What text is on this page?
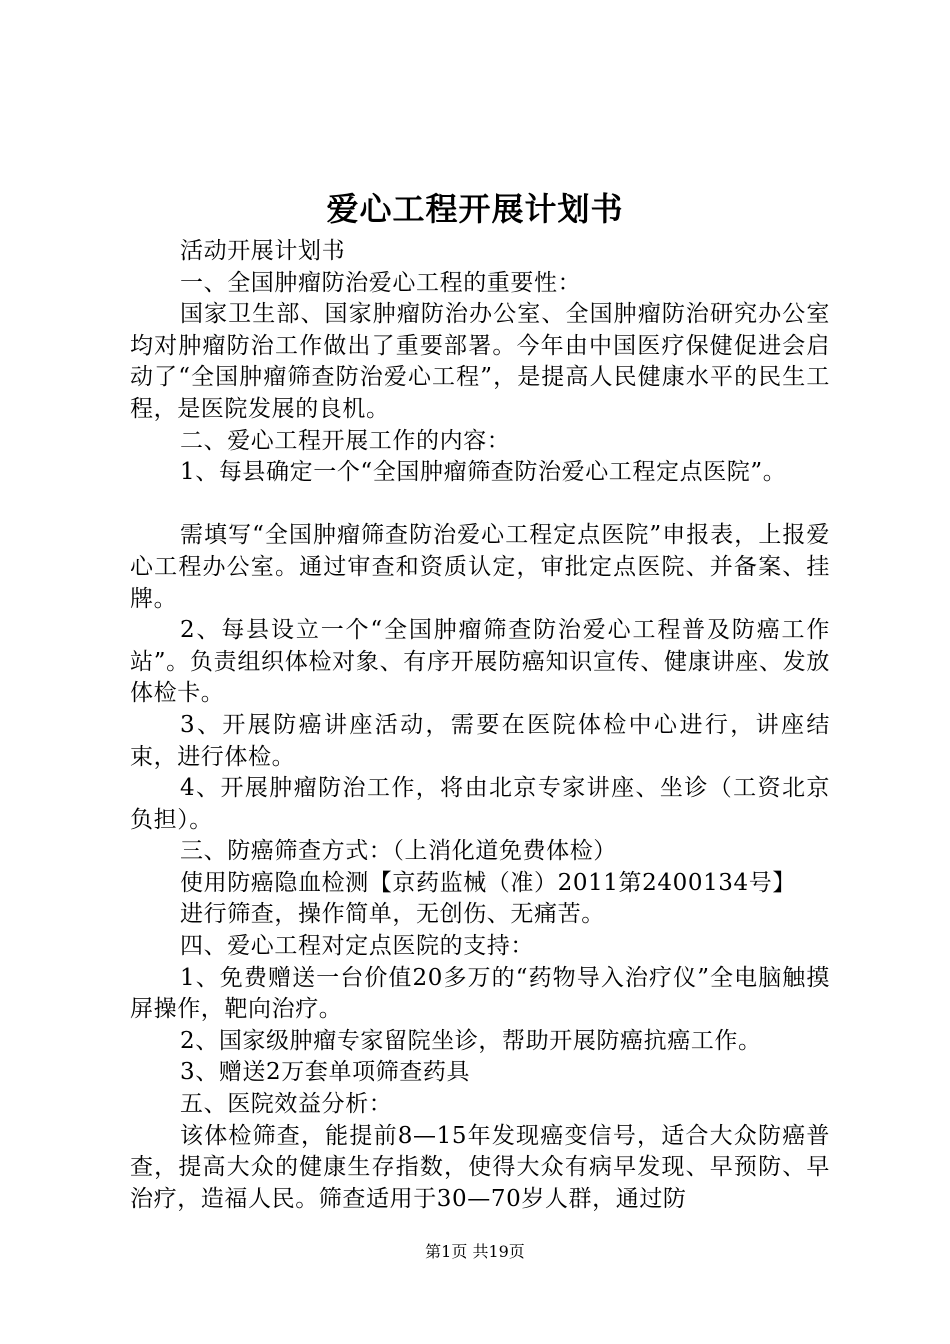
爱心工程开展计划书

活动开展计划书

一、全国肿瘤防治爱心工程的重要性：

国家卫生部、国家肿瘤防治办公室、全国肿瘤防治研究办公室均对肿瘤防治工作做出了重要部署。今年由中国医疗保健促进会启动了“全国肿瘤筛查防治爱心工程”，是提高人民健康水平的民生工程，是医院发展的良机。

二、爱心工程开展工作的内容：

1、每县确定一个“全国肿瘤筛查防治爱心工程定点医院”。

需填写“全国肿瘤筛查防治爱心工程定点医院”申报表，上报爱心工程办公室。通过审查和资质认定，审批定点医院、并备案、挂牌。

2、每县设立一个“全国肿瘤筛查防治爱心工程普及防癌工作站”。负责组织体检对象、有序开展防癌知识宣传、健康讲座、发放体检卡。

3、开展防癌讲座活动，需要在医院体检中心进行，讲座结束，进行体检。

4、开展肿瘤防治工作，将由北京专家讲座、坐诊（工资北京负担）。

三、防癌筛查方式：（上消化道免费体检）

使用防癌隐血检测【京药监械（准）2011第2400134号】

进行筛查，操作简单，无创伤、无痛苦。

四、爱心工程对定点医院的支持：

1、免费赠送一台价值20多万的“药物导入治疗仪”全电脑触摸屏操作，靶向治疗。

2、国家级肿瘤专家留院坐诊，帮助开展防癌抗癌工作。

3、赠送2万套单项筛查药具

五、医院效益分析：

该体检筛查，能提前8—15年发现癌变信号，适合大众防癌普查，提高大众的健康生存指数，使得大众有病早发现、早预防、早治疗，造福人民。筛查适用于30—70岁人群，通过防

第1页 共19页
